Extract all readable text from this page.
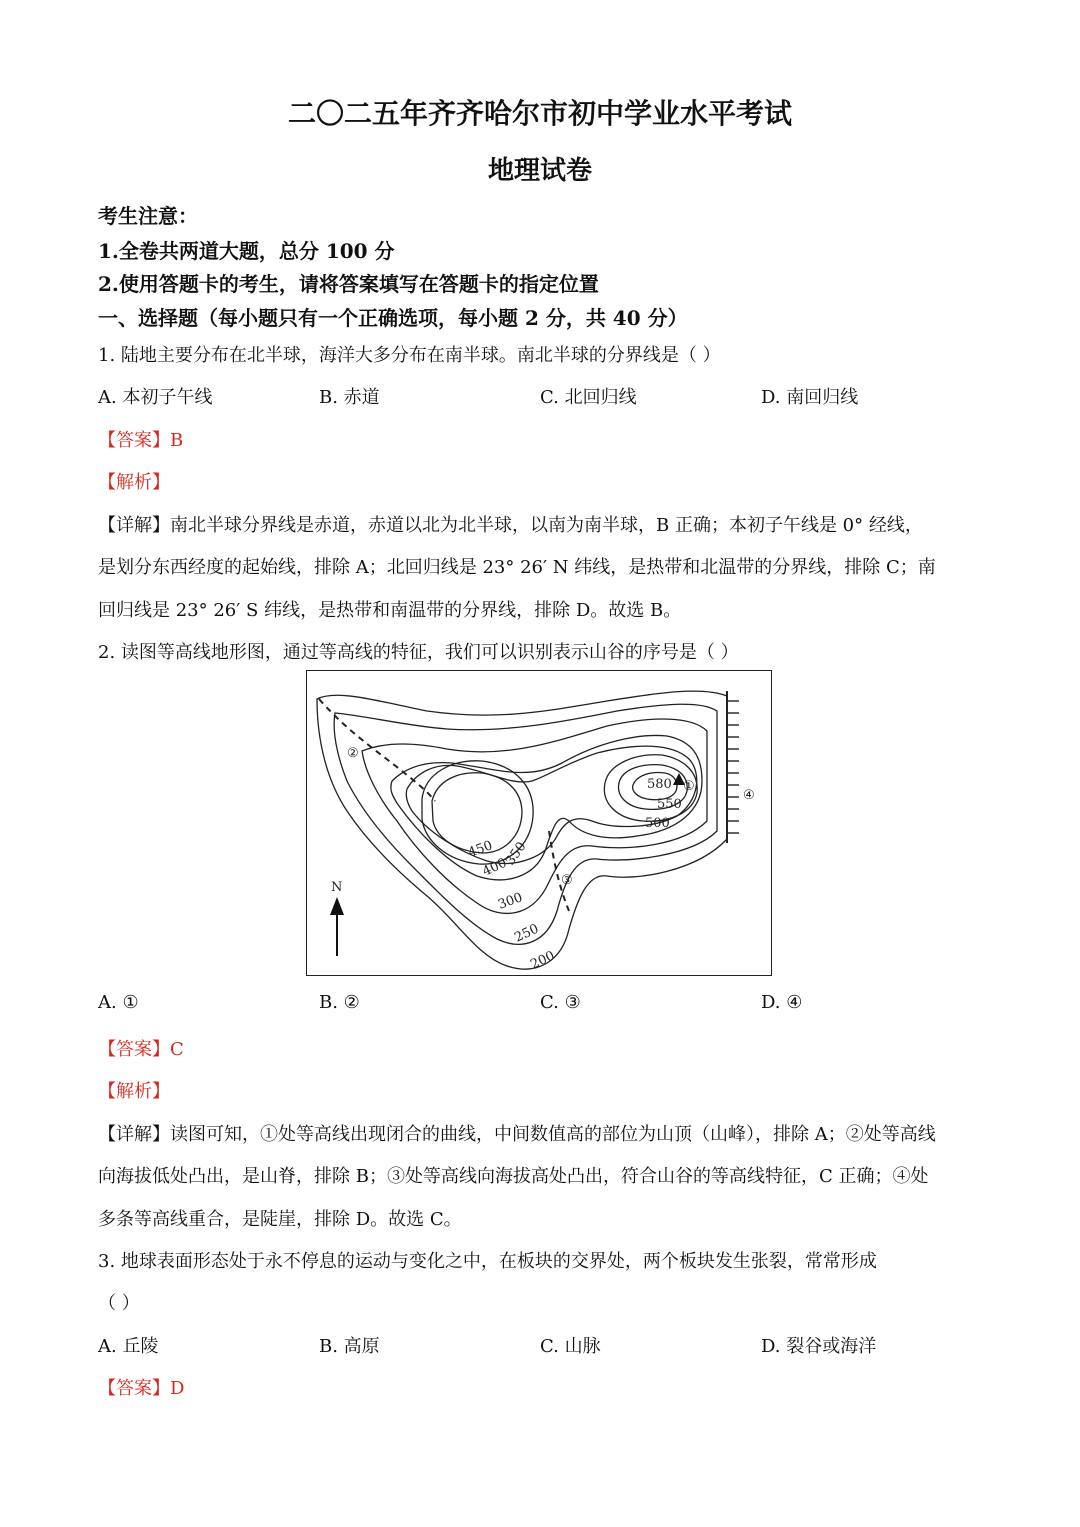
二〇二五年齐齐哈尔市初中学业水平考试
地理试卷
考生注意：
1.全卷共两道大题，总分 100 分
2.使用答题卡的考生，请将答案填写在答题卡的指定位置
一、选择题（每小题只有一个正确选项，每小题 2 分，共 40 分）
1. 陆地主要分布在北半球，海洋大多分布在南半球。南北半球的分界线是（ ）
A. 本初子午线	B. 赤道	C. 北回归线	D. 南回归线
【答案】B
【解析】
【详解】南北半球分界线是赤道，赤道以北为北半球，以南为南半球，B 正确；本初子午线是 0° 经线，
是划分东西经度的起始线，排除 A；北回归线是 23° 26′ N 纬线，是热带和北温带的分界线，排除 C；南
回归线是 23° 26′ S 纬线，是热带和南温带的分界线，排除 D。故选 B。
2. 读图等高线地形图，通过等高线的特征，我们可以识别表示山谷的序号是（ ）
N
580
550
500
450
400
350
300
250
200
①
②
③
④
A. ①	B. ②	C. ③	D. ④
【答案】C
【解析】
【详解】读图可知，①处等高线出现闭合的曲线，中间数值高的部位为山顶（山峰），排除 A；②处等高线
向海拔低处凸出，是山脊，排除 B；③处等高线向海拔高处凸出，符合山谷的等高线特征，C 正确；④处
多条等高线重合，是陡崖，排除 D。故选 C。
3. 地球表面形态处于永不停息的运动与变化之中，在板块的交界处，两个板块发生张裂，常常形成
（ ）
A. 丘陵	B. 高原	C. 山脉	D. 裂谷或海洋
【答案】D
